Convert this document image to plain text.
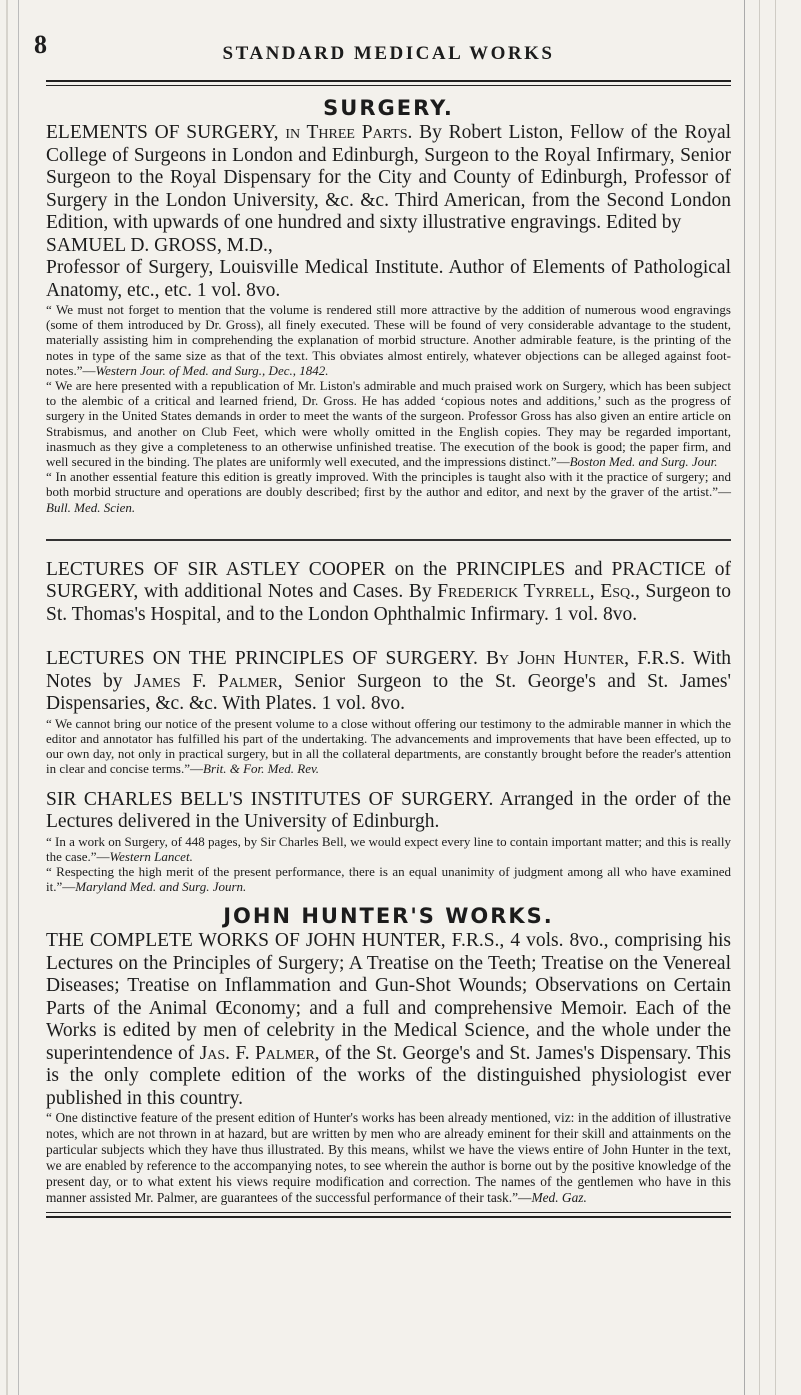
8	STANDARD MEDICAL WORKS
SURGERY.

ELEMENTS OF SURGERY, in Three Parts. By Robert Liston, Fellow of the Royal College of Surgeons in London and Edinburgh, Surgeon to the Royal Infirmary, Senior Surgeon to the Royal Dispensary for the City and County of Edinburgh, Professor of Surgery in the London University, &c. &c. Third American, from the Second London Edition, with upwards of one hundred and sixty illustrative engravings. Edited by

SAMUEL D. GROSS, M.D.,

Professor of Surgery, Louisville Medical Institute. Author of Elements of Pathological Anatomy, etc., etc. 1 vol. 8vo.

“ We must not forget to mention that the volume is rendered still more attractive by the addition of numerous wood engravings (some of them introduced by Dr. Gross), all finely executed. These will be found of very considerable advantage to the student, materially assisting him in comprehending the explanation of morbid structure. Another admirable feature, is the printing of the notes in type of the same size as that of the text. This obviates almost entirely, whatever objections can be alleged against foot-notes.”—Western Jour. of Med. and Surg., Dec., 1842.

“ We are here presented with a republication of Mr. Liston's admirable and much praised work on Surgery, which has been subject to the alembic of a critical and learned friend, Dr. Gross. He has added ‘copious notes and additions,’ such as the progress of surgery in the United States demands in order to meet the wants of the surgeon. Professor Gross has also given an entire article on Strabismus, and another on Club Feet, which were wholly omitted in the English copies. They may be regarded important, inasmuch as they give a completeness to an otherwise unfinished treatise. The execution of the book is good; the paper firm, and well secured in the binding. The plates are uniformly well executed, and the impressions distinct.”—Boston Med. and Surg. Jour.

“ In another essential feature this edition is greatly improved. With the principles is taught also with it the practice of surgery; and both morbid structure and operations are doubly described; first by the author and editor, and next by the graver of the artist.”—Bull. Med. Scien.

LECTURES OF SIR ASTLEY COOPER on the PRINCIPLES and PRACTICE of SURGERY, with additional Notes and Cases. By Frederick Tyrrell, Esq., Surgeon to St. Thomas's Hospital, and to the London Ophthalmic Infirmary. 1 vol. 8vo.

LECTURES ON THE PRINCIPLES OF SURGERY. By John Hunter, F.R.S. With Notes by James F. Palmer, Senior Surgeon to the St. George's and St. James' Dispensaries, &c. &c. With Plates. 1 vol. 8vo.

“ We cannot bring our notice of the present volume to a close without offering our testimony to the admirable manner in which the editor and annotator has fulfilled his part of the undertaking. The advancements and improvements that have been effected, up to our own day, not only in practical surgery, but in all the collateral departments, are constantly brought before the reader's attention in clear and concise terms.”—Brit. & For. Med. Rev.

SIR CHARLES BELL'S INSTITUTES OF SURGERY. Arranged in the order of the Lectures delivered in the University of Edinburgh.

“ In a work on Surgery, of 448 pages, by Sir Charles Bell, we would expect every line to contain important matter; and this is really the case.”—Western Lancet.

“ Respecting the high merit of the present performance, there is an equal unanimity of judgment among all who have examined it.”—Maryland Med. and Surg. Journ.

JOHN HUNTER'S WORKS.

THE COMPLETE WORKS OF JOHN HUNTER, F.R.S., 4 vols. 8vo., comprising his Lectures on the Principles of Surgery; A Treatise on the Teeth; Treatise on the Venereal Diseases; Treatise on Inflammation and Gun-Shot Wounds; Observations on Certain Parts of the Animal Œconomy; and a full and comprehensive Memoir. Each of the Works is edited by men of celebrity in the Medical Science, and the whole under the superintendence of Jas. F. Palmer, of the St. George's and St. James's Dispensary. This is the only complete edition of the works of the distinguished physiologist ever published in this country.

“ One distinctive feature of the present edition of Hunter's works has been already mentioned, viz: in the addition of illustrative notes, which are not thrown in at hazard, but are written by men who are already eminent for their skill and attainments on the particular subjects which they have thus illustrated. By this means, whilst we have the views entire of John Hunter in the text, we are enabled by reference to the accompanying notes, to see wherein the author is borne out by the positive knowledge of the present day, or to what extent his views require modification and correction. The names of the gentlemen who have in this manner assisted Mr. Palmer, are guarantees of the successful performance of their task.”—Med. Gaz.
